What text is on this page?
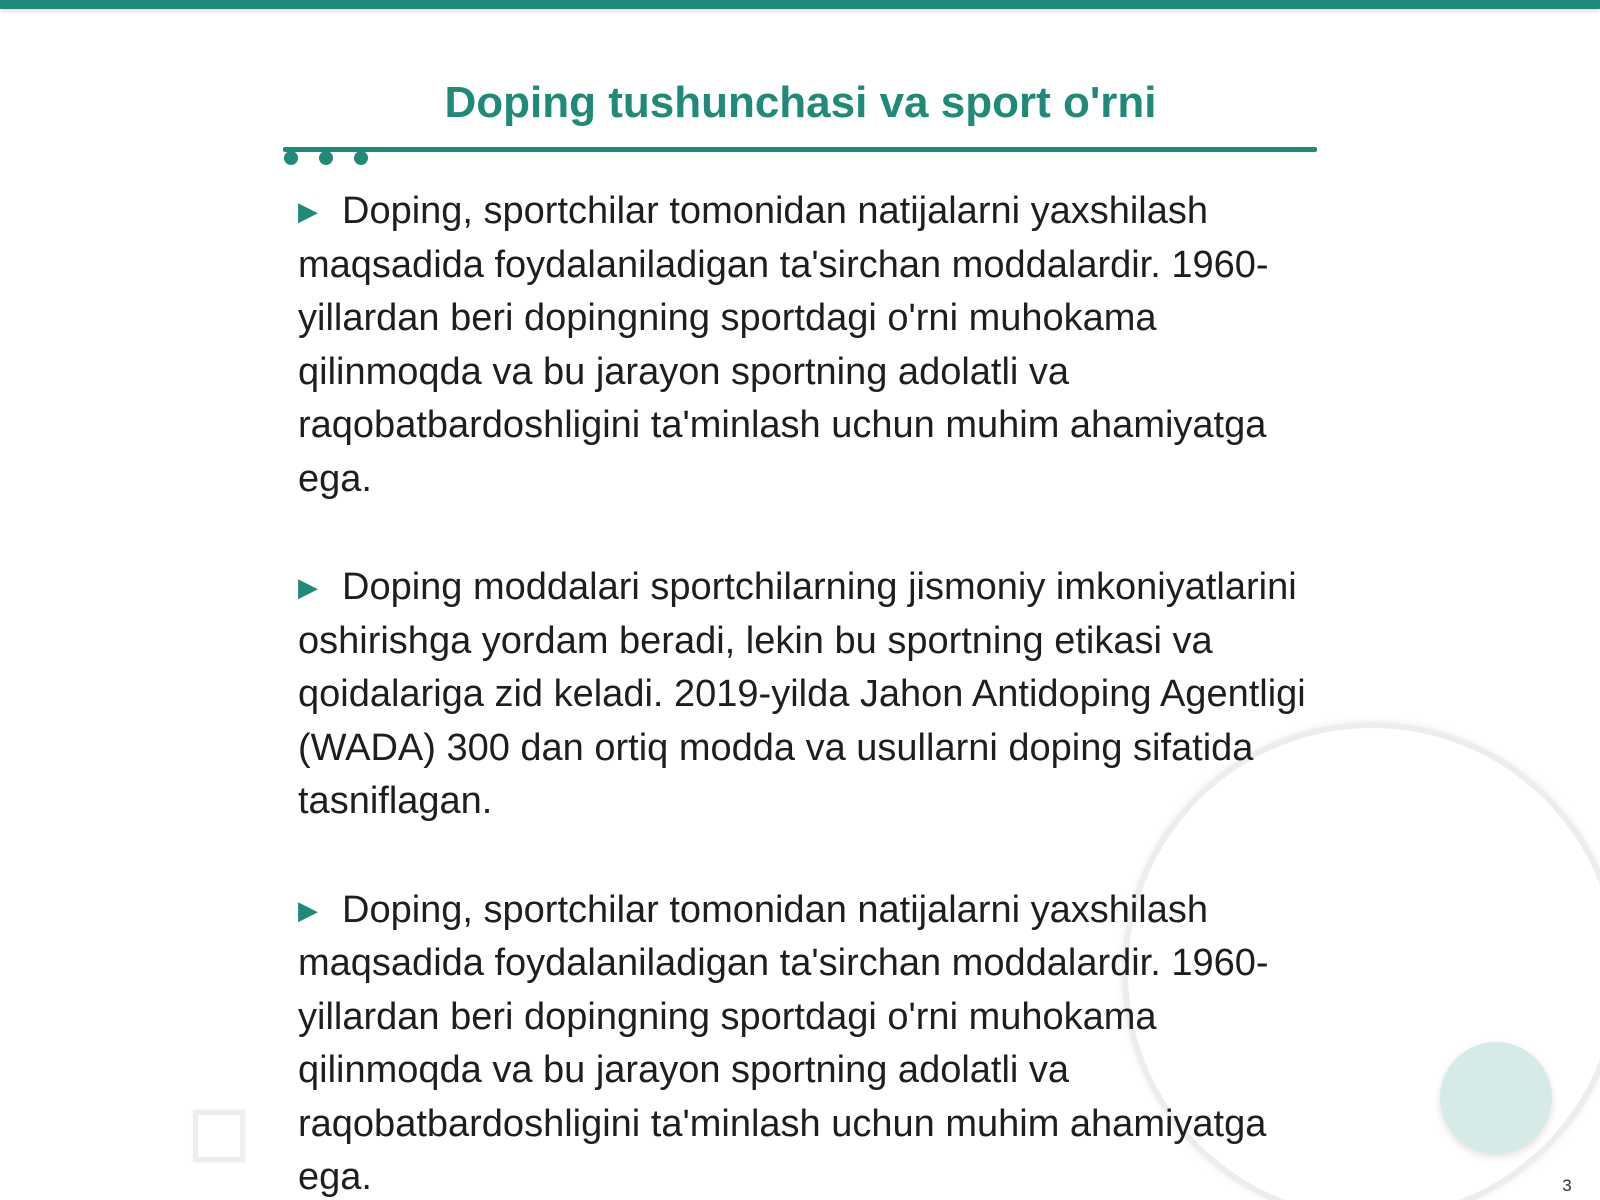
Doping tushunchasi va sport o'rni

▶ Doping, sportchilar tomonidan natijalarni yaxshilash maqsadida foydalaniladigan ta'sirchan moddalardir. 1960-yillardan beri dopingning sportdagi o'rni muhokama qilinmoqda va bu jarayon sportning adolatli va raqobatbardoshligini ta'minlash uchun muhim ahamiyatga ega.

▶ Doping moddalari sportchilarning jismoniy imkoniyatlarini oshirishga yordam beradi, lekin bu sportning etikasi va qoidalariga zid keladi. 2019-yilda Jahon Antidoping Agentligi (WADA) 300 dan ortiq modda va usullarni doping sifatida tasniflagan.

▶ Doping, sportchilar tomonidan natijalarni yaxshilash maqsadida foydalaniladigan ta'sirchan moddalardir. 1960-yillardan beri dopingning sportdagi o'rni muhokama qilinmoqda va bu jarayon sportning adolatli va raqobatbardoshligini ta'minlash uchun muhim ahamiyatga ega.	3
